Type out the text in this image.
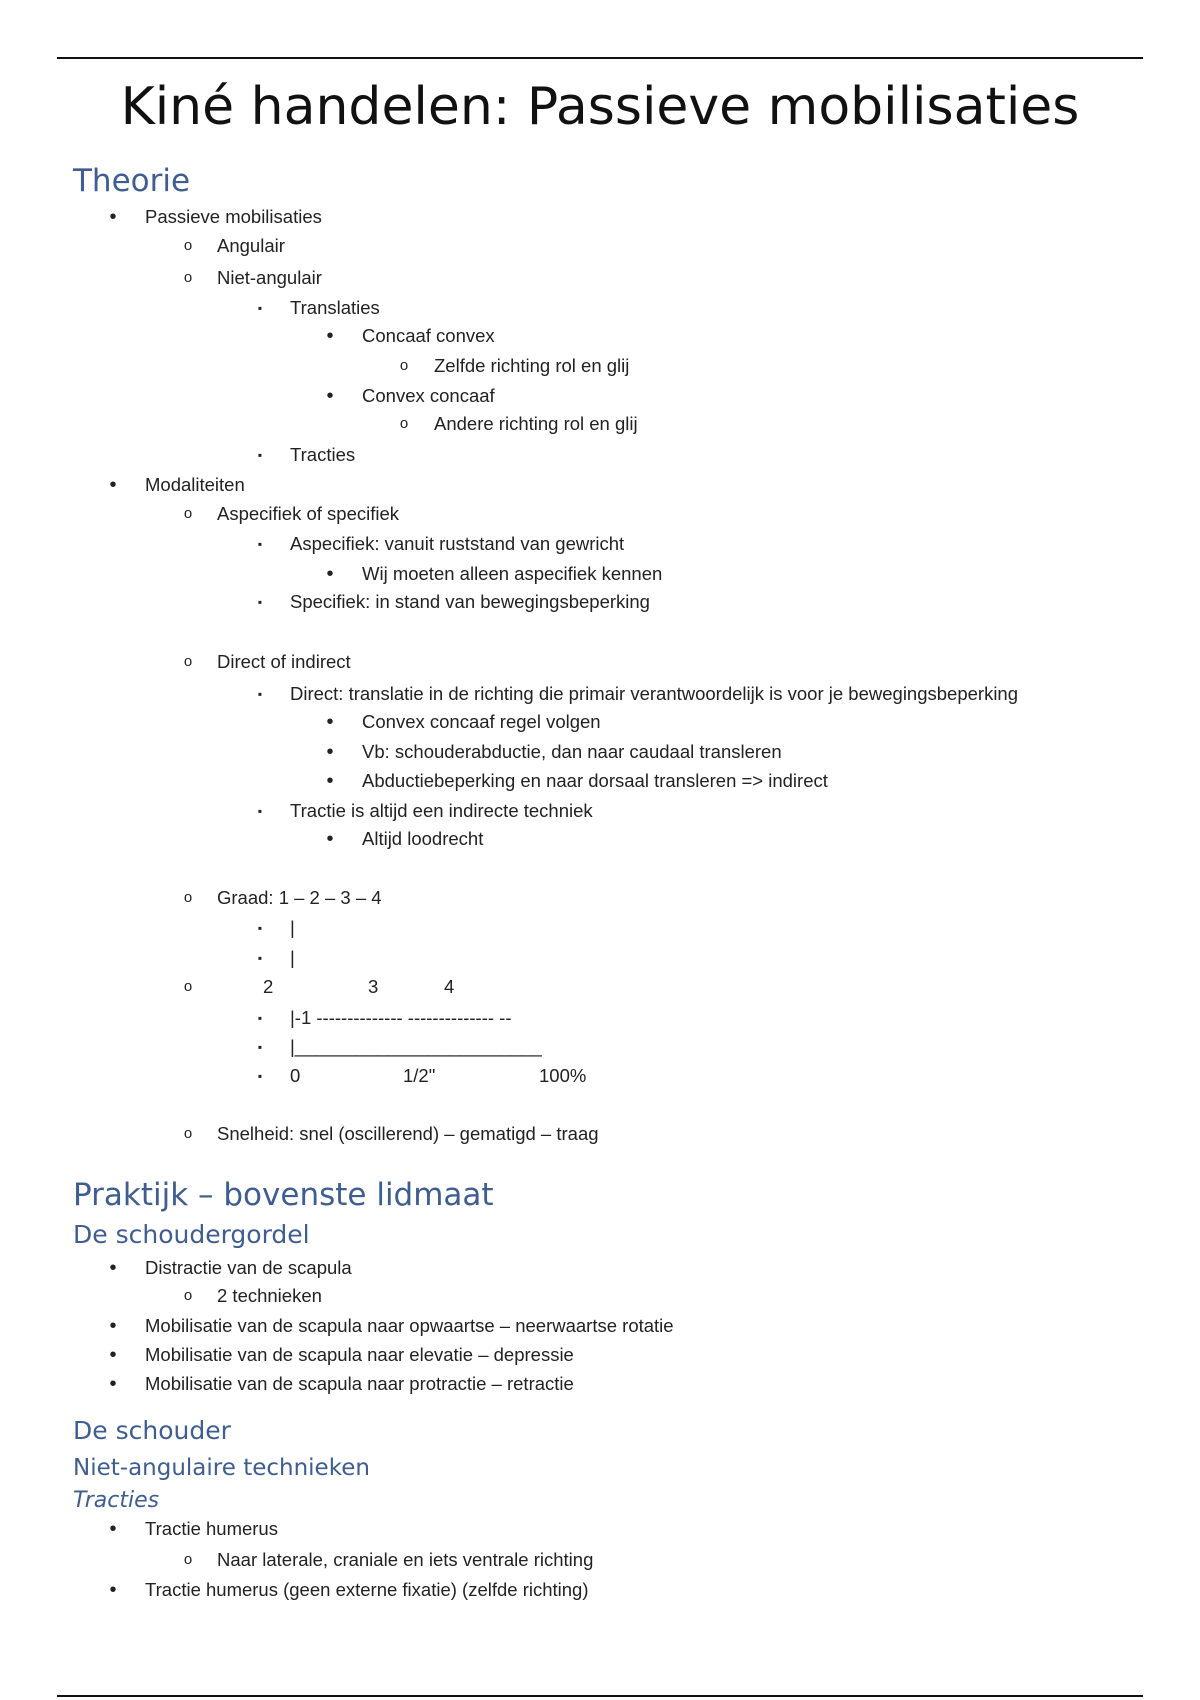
Kiné handelen: Passieve mobilisaties
Theorie
• Passieve mobilisaties
o Angulair
o Niet-angulair
▪ Translaties
• Concaaf convex
o Zelfde richting rol en glij
• Convex concaaf
o Andere richting rol en glij
▪ Tracties
• Modaliteiten
o Aspecifiek of specifiek
▪ Aspecifiek: vanuit ruststand van gewricht
• Wij moeten alleen aspecifiek kennen
▪ Specifiek: in stand van bewegingsbeperking
o Direct of indirect
▪ Direct: translatie in de richting die primair verantwoordelijk is voor je bewegingsbeperking
• Convex concaaf regel volgen
• Vb: schouderabductie, dan naar caudaal transleren
• Abductiebeperking en naar dorsaal transleren => indirect
▪ Tractie is altijd een indirecte techniek
• Altijd loodrecht
o Graad: 1 – 2 – 3 – 4
▪ |
▪ |
o	2	3	4
▪ |-1 -------------- -------------- --
▪ |________________________
▪ 0	1/2"	100%
o Snelheid: snel (oscillerend) – gematigd – traag
Praktijk – bovenste lidmaat
De schoudergordel
• Distractie van de scapula
o 2 technieken
• Mobilisatie van de scapula naar opwaartse – neerwaartse rotatie
• Mobilisatie van de scapula naar elevatie – depressie
• Mobilisatie van de scapula naar protractie – retractie
De schouder
Niet-angulaire technieken
Tracties
• Tractie humerus
o Naar laterale, craniale en iets ventrale richting
• Tractie humerus (geen externe fixatie) (zelfde richting)
